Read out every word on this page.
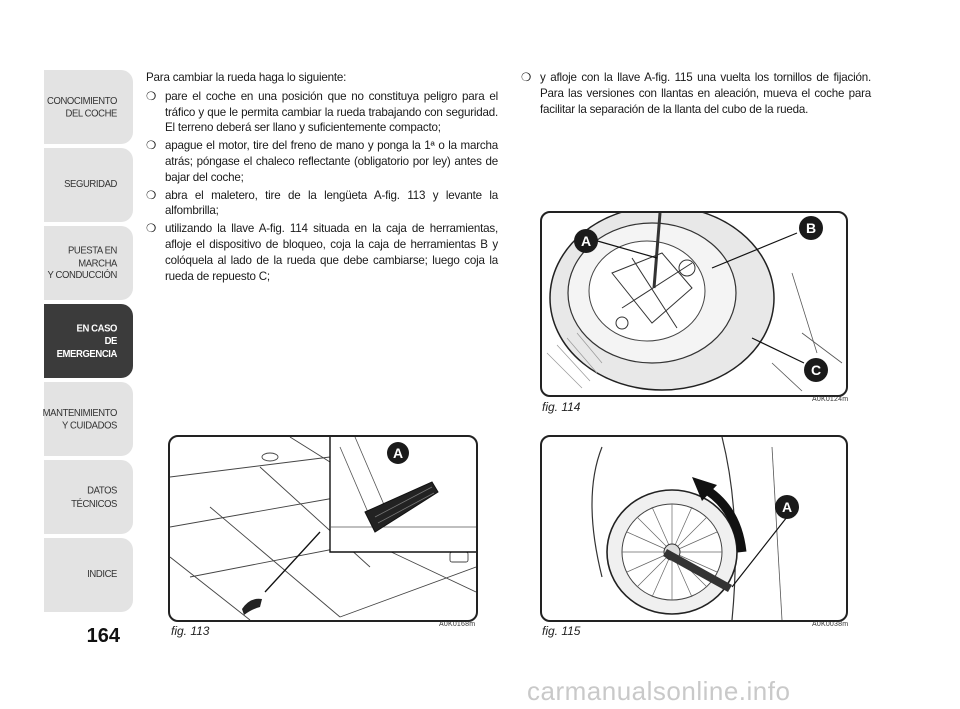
CONOCIMIENTO
DEL COCHE
SEGURIDAD
PUESTA EN MARCHA
Y CONDUCCIÓN
EN CASO
DE EMERGENCIA
MANTENIMIENTO
Y CUIDADOS
DATOS TÉCNICOS
INDICE
164

Para cambiar la rueda haga lo siguiente:

❍ pare el coche en una posición que no constituya peligro para el tráfico y que le permita cambiar la rueda trabajando con seguridad. El terreno deberá ser llano y suficientemente compacto;

❍ apague el motor, tire del freno de mano y ponga la 1ª o la marcha atrás; póngase el chaleco reflectante (obligatorio por ley) antes de bajar del coche;

❍ abra el maletero, tire de la lengüeta A-fig. 113 y levante la alfombrilla;

❍ utilizando la llave A-fig. 114 situada en la caja de herramientas, afloje el dispositivo de bloqueo, coja la caja de herramientas B y colóquela al lado de la rueda que debe cambiarse; luego coja la rueda de repuesto C;

❍ y afloje con la llave A-fig. 115 una vuelta los tornillos de fijación. Para las versiones con llantas en aleación, mueva el coche para facilitar la separación de la llanta del cubo de la rueda.

A
fig. 113	A0K0168m
A
B
C
fig. 114
A0K0124m
A
fig. 115	A0K0038m
carmanualsonline.info
